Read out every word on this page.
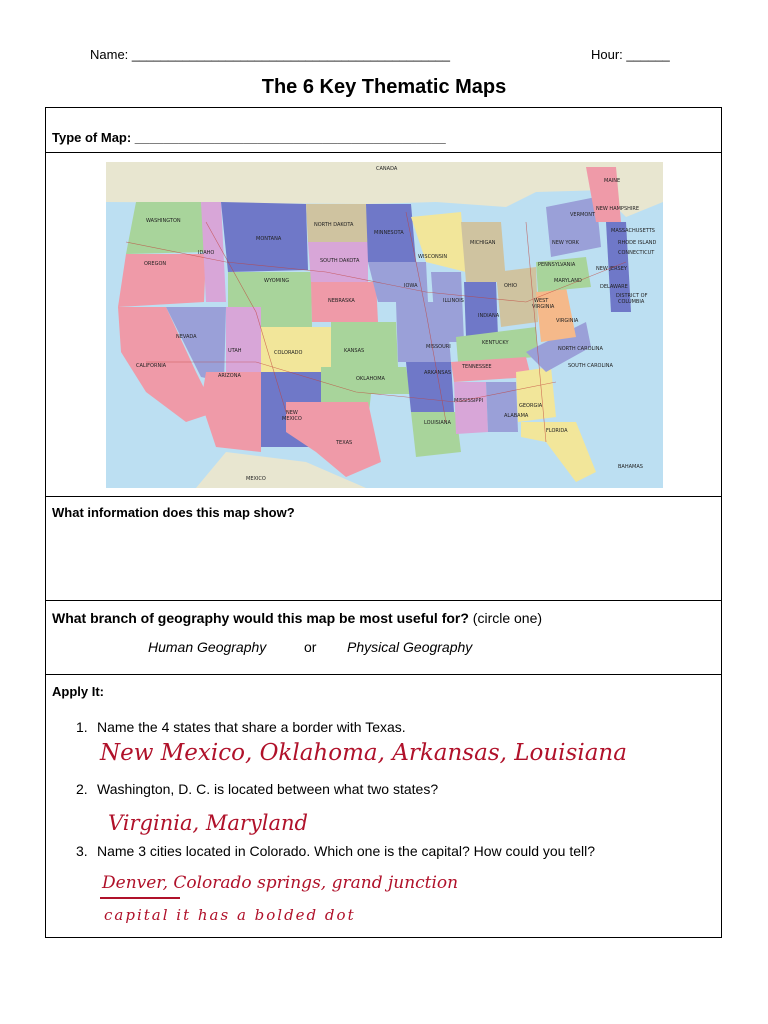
Name: ____________________________________________	Hour: ______
The 6 Key Thematic Maps
Type of Map: ___________________________________________
WASHINGTON
OREGON
IDAHO
MONTANA
WYOMING
NORTH DAKOTA
SOUTH DAKOTA
NEBRASKA
KANSAS
OKLAHOMA
TEXAS
NEW
MEXICO
ARIZONA
UTAH
NEVADA
CALIFORNIA
COLORADO
MINNESOTA
IOWA
MISSOURI
ARKANSAS
LOUISIANA
MISSISSIPPI
ALABAMA
GEORGIA
FLORIDA
SOUTH CAROLINA
NORTH CAROLINA
TENNESSEE
KENTUCKY
INDIANA
ILLINOIS
WISCONSIN
MICHIGAN
OHIO
WEST
VIRGINIA
VIRGINIA
PENNSYLVANIA
NEW YORK
MAINE
VERMONT
NEW HAMPSHIRE
MASSACHUSETTS
RHODE ISLAND
CONNECTICUT
NEW JERSEY
DELAWARE
MARYLAND
DISTRICT OF
COLUMBIA
CANADA
MEXICO
BAHAMAS
What information does this map show?
What branch of geography would this map be most useful for? (circle one)
Human Geography	or Physical Geography
Apply It:
1. Name the 4 states that share a border with Texas.
New Mexico, Oklahoma, Arkansas, Louisiana
2. Washington, D. C. is located between what two states?
Virginia, Maryland
3. Name 3 cities located in Colorado. Which one is the capital? How could you tell?
Denver, Colorado springs, grand junction
capital it has a bolded dot
